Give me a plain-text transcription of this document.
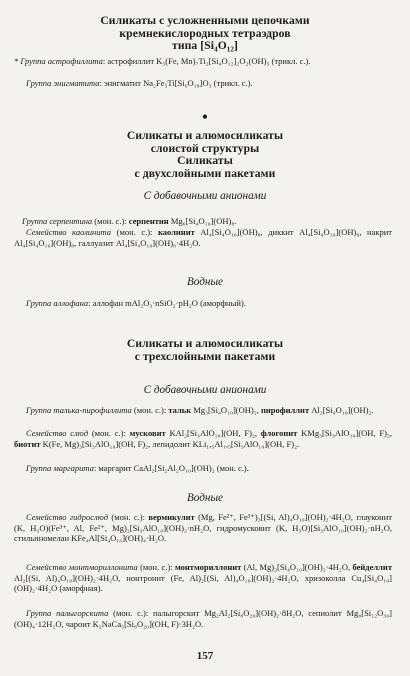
Силикаты с усложненными цепочками
кремнекислородных тетраэдров
типа [Si₄O₁₂]
* Группа астрофиллита: астрофиллит K₃(Fe, Mn)₇Ti₂[Si₄O₁₂]₂O₂(OH)₅ (трикл. с.).
Группа энигматита: энигматит Na₂Fe₅Ti[Si₆O₁₈]O₃ (трикл. с.).
•
Силикаты и алюмосиликаты
слоистой структуры
Силикаты
с двухслойными пакетами
С добавочными анионами
Группа серпентина (мон. с.): серпентин Mg₆[Si₄O₁₀](OH)₈.
Семейство каолинита (мон. с.): каолинит Al₄[Si₄O₁₀](OH)₈, диккит Al₄[Si₄O₁₀](OH)₈, накрит Al₄[Si₄O₁₀](OH)₈, галлуазит Al₄[Si₄O₁₀](OH)₈·4H₂O.
Водные
Группа аллофана: аллофан mAl₂O₃·nSiO₂·pH₂O (аморфный).
Силикаты и алюмосиликаты
с трехслойными пакетами
С добавочными анионами
Группа талька-пирофиллита (мон. с.): тальк Mg₃[Si₄O₁₀](OH)₂, пирофиллит Al₂[Si₄O₁₀](OH)₂.
Семейство слюд (мон. с.): мусковит KAl₂[Si₃AlO₁₀](OH, F)₂, флогопит KMg₃[Si₃AlO₁₀](OH, F)₂, биотит K(Fe, Mg)₃[Si₃AlO₁₀](OH, F)₂, лепидолит KLi₁,₅Al₁,₅[Si₃AlO₁₀](OH, F)₂.
Группа маргарита: маргарит CaAl₂[Si₂Al₂O₁₀](OH)₂ (мон. с.).
Водные
Семейство гидрослюд (мон. с.): вермикулит (Mg, Fe²⁺, Fe³⁺)₃[(Si, Al)₄O₁₀](OH)₂·4H₂O, глауконит (K, H₃O)(Fe³⁺, Al, Fe²⁺, Mg)₂[Si₃AlO₁₀](OH)₂·nH₂O, гидромусковит (K, H₃O)[Si₃AlO₁₀](OH)₂·nH₂O, стильпномелан KFe₄Al[Si₄O₁₀](OH)₄·H₂O.
Семейство монтмориллонита (мон. с.): монтмориллонит (Al, Mg)₂[Si₄O₁₀](OH)₂·4H₂O, бейделлит Al₂[(Si, Al)₄O₁₀](OH)₂·4H₂O, нонтронит (Fe, Al)₂[(Si, Al)₄O₁₀](OH)₂·4H₂O, хризоколла Cu₄[Si₄O₁₀](OH)₂·4H₂O (аморфная).
Группа палыгорскита (мон. с.): палыгорскит Mg₂Al₂[Si₈O₂₀](OH)₂·8H₂O, сепиолит Mg₈[Si₁₂O₃₀](OH)₄·12H₂O, чароит K₂NaCa₅[Si₈O₂₀](OH, F)·3H₂O.
157
